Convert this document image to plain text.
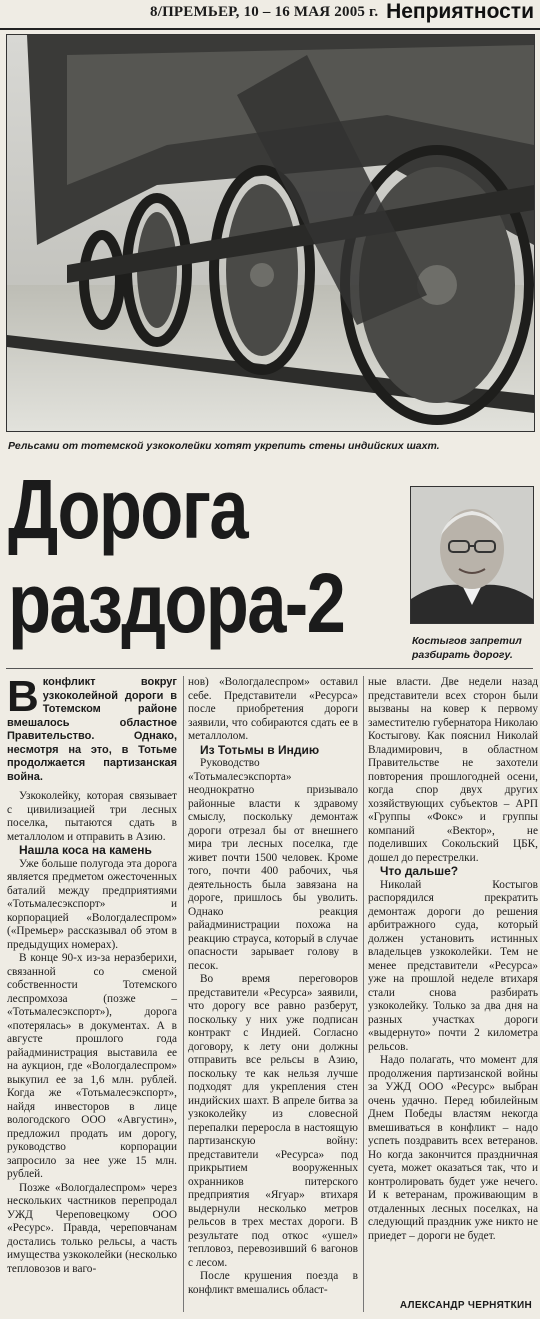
8/ПРЕМЬЕР, 10 – 16 МАЯ 2005 г. Неприятности
Рельсами от тотемской узкоколейки хотят укрепить стены индийских шахт.
Дорога
раздора-2	Костыгов запретил разбирать дорогу.

Вконфликт вокруг узкоколейной дороги в Тотемском районе вмешалось областное Правительство. Однако, несмотря на это, в Тотьме продолжается партизанская война.

Узкоколейку, которая связывает с цивилизацией три лесных поселка, пытаются сдать в металлолом и отправить в Азию.

Нашла коса на камень

Уже больше полугода эта дорога является предметом ожесточенных баталий между предприятиями «Тотьмалесэкспорт» и корпорацией «Вологдалеспром» («Премьер» рассказывал об этом в предыдущих номерах).

В конце 90-х из-за неразберихи, связанной со сменой собственности Тотемского леспромхоза (позже – «Тотьмалесэкспорт»), дорога «потерялась» в документах. А в августе прошлого года райадминистрация выставила ее на аукцион, где «Вологдалеспром» выкупил ее за 1,6 млн. рублей. Когда же «Тотьмалесэкспорт», найдя инвесторов в лице вологодского ООО «Августин», предложил продать им дорогу, руководство корпорации запросило за нее уже 15 млн. рублей.

Позже «Вологдалеспром» через нескольких частников перепродал УЖД Череповецкому ООО «Ресурс». Правда, череповчанам достались только рельсы, а часть имущества узкоколейки (несколько тепловозов и ваго-

нов) «Вологдалеспром» оставил себе. Представители «Ресурса» после приобретения дороги заявили, что собираются сдать ее в металлолом.

Из Тотьмы в Индию

Руководство «Тотьмалесэкспорта» неоднократно призывало районные власти к здравому смыслу, поскольку демонтаж дороги отрезал бы от внешнего мира три лесных поселка, где живет почти 1500 человек. Кроме того, почти 400 рабочих, чья деятельность была завязана на дороге, пришлось бы уволить. Однако реакция райадминистрации похожа на реакцию страуса, который в случае опасности зарывает голову в песок.

Во время переговоров представители «Ресурса» заявили, что дорогу все равно разберут, поскольку у них уже подписан контракт с Индией. Согласно договору, к лету они должны отправить все рельсы в Азию, поскольку те как нельзя лучше подходят для укрепления стен индийских шахт. В апреле битва за узкоколейку из словесной перепалки переросла в настоящую партизанскую войну: представители «Ресурса» под прикрытием вооруженных охранников питерского предприятия «Ягуар» втихаря выдернули несколько метров рельсов в трех местах дороги. В результате под откос «ушел» тепловоз, перевозивший 6 вагонов с лесом.

После крушения поезда в конфликт вмешались област-

ные власти. Две недели назад представители всех сторон были вызваны на ковер к первому заместителю губернатора Николаю Костыгову. Как пояснил Николай Владимирович, в областном Правительстве не захотели повторения прошлогодней осени, когда спор двух других хозяйствующих субъектов – АРП «Группы «Фокс» и группы компаний «Вектор», не поделивших Сокольский ЦБК, дошел до перестрелки.

Что дальше?

Николай Костыгов распорядился прекратить демонтаж дороги до решения арбитражного суда, который должен установить истинных владельцев узкоколейки. Тем не менее представители «Ресурса» уже на прошлой неделе втихаря стали снова разбирать узкоколейку. Только за два дня на разных участках дороги «выдернуто» почти 2 километра рельсов.

Надо полагать, что момент для продолжения партизанской войны за УЖД ООО «Ресурс» выбран очень удачно. Перед юбилейным Днем Победы властям некогда вмешиваться в конфликт – надо успеть поздравить всех ветеранов. Но когда закончится праздничная суета, может оказаться так, что и контролировать будет уже нечего. И к ветеранам, проживающим в отдаленных лесных поселках, на следующий праздник уже никто не приедет – дороги не будет.

АЛЕКСАНДР ЧЕРНЯТКИН
